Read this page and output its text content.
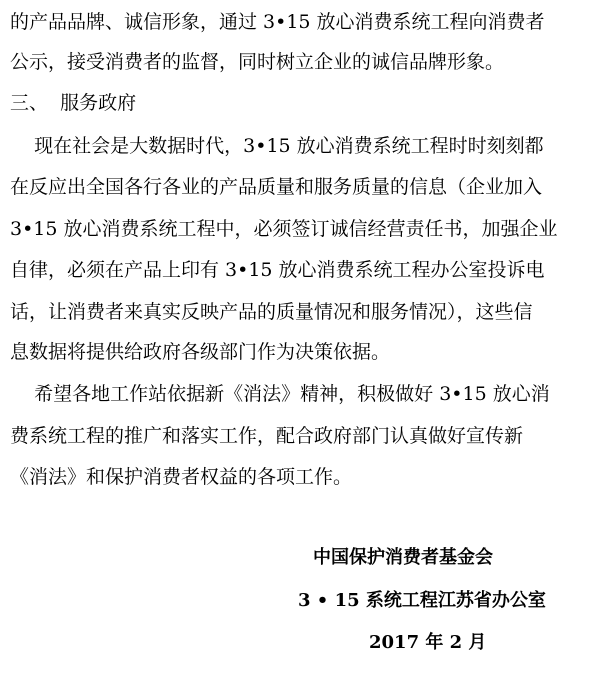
的产品品牌、诚信形象，通过 3•15 放心消费系统工程向消费者
公示，接受消费者的监督，同时树立企业的诚信品牌形象。
三、  服务政府
现在社会是大数据时代，3•15 放心消费系统工程时时刻刻都
在反应出全国各行各业的产品质量和服务质量的信息（企业加入
3•15 放心消费系统工程中，必须签订诚信经营责任书，加强企业
自律，必须在产品上印有 3•15 放心消费系统工程办公室投诉电
话，让消费者来真实反映产品的质量情况和服务情况），这些信
息数据将提供给政府各级部门作为决策依据。
希望各地工作站依据新《消法》精神，积极做好 3•15 放心消
费系统工程的推广和落实工作，配合政府部门认真做好宣传新
《消法》和保护消费者权益的各项工作。
中国保护消费者基金会
3 • 15 系统工程江苏省办公室
2017 年 2 月
